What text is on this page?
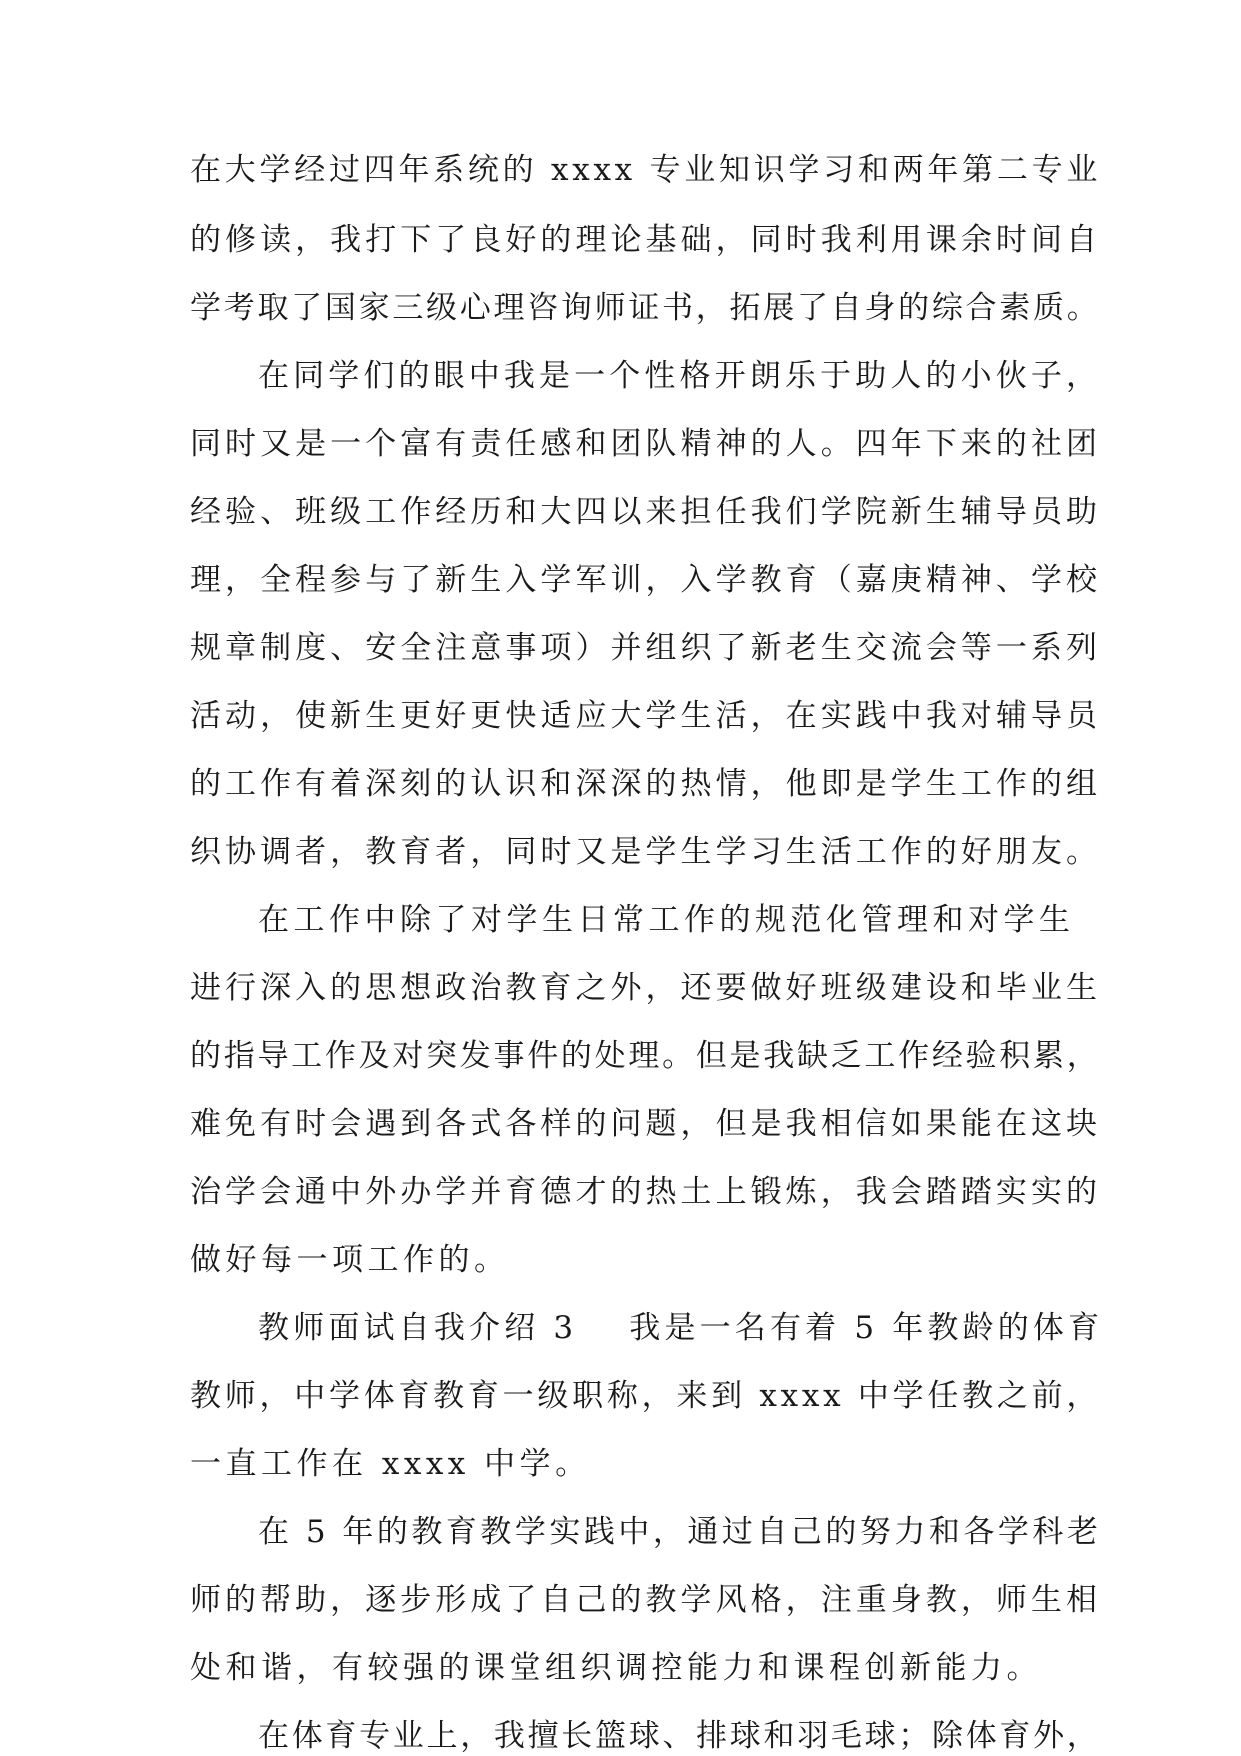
在大学经过四年系统的 xxxx 专业知识学习和两年第二专业
的修读，我打下了良好的理论基础，同时我利用课余时间自
学考取了国家三级心理咨询师证书，拓展了自身的综合素质。
在同学们的眼中我是一个性格开朗乐于助人的小伙子，
同时又是一个富有责任感和团队精神的人。四年下来的社团
经验、班级工作经历和大四以来担任我们学院新生辅导员助
理，全程参与了新生入学军训，入学教育（嘉庚精神、学校
规章制度、安全注意事项）并组织了新老生交流会等一系列
活动，使新生更好更快适应大学生活，在实践中我对辅导员
的工作有着深刻的认识和深深的热情，他即是学生工作的组
织协调者，教育者，同时又是学生学习生活工作的好朋友。
在工作中除了对学生日常工作的规范化管理和对学生
进行深入的思想政治教育之外，还要做好班级建设和毕业生
的指导工作及对突发事件的处理。但是我缺乏工作经验积累，
难免有时会遇到各式各样的问题，但是我相信如果能在这块
治学会通中外办学并育德才的热土上锻炼，我会踏踏实实的
做好每一项工作的。
教师面试自我介绍 3 我是一名有着 5 年教龄的体育
教师，中学体育教育一级职称，来到 xxxx 中学任教之前，
一直工作在 xxxx 中学。
在 5 年的教育教学实践中，通过自己的努力和各学科老
师的帮助，逐步形成了自己的教学风格，注重身教，师生相
处和谐，有较强的课堂组织调控能力和课程创新能力。
在体育专业上，我擅长篮球、排球和羽毛球；除体育外，
